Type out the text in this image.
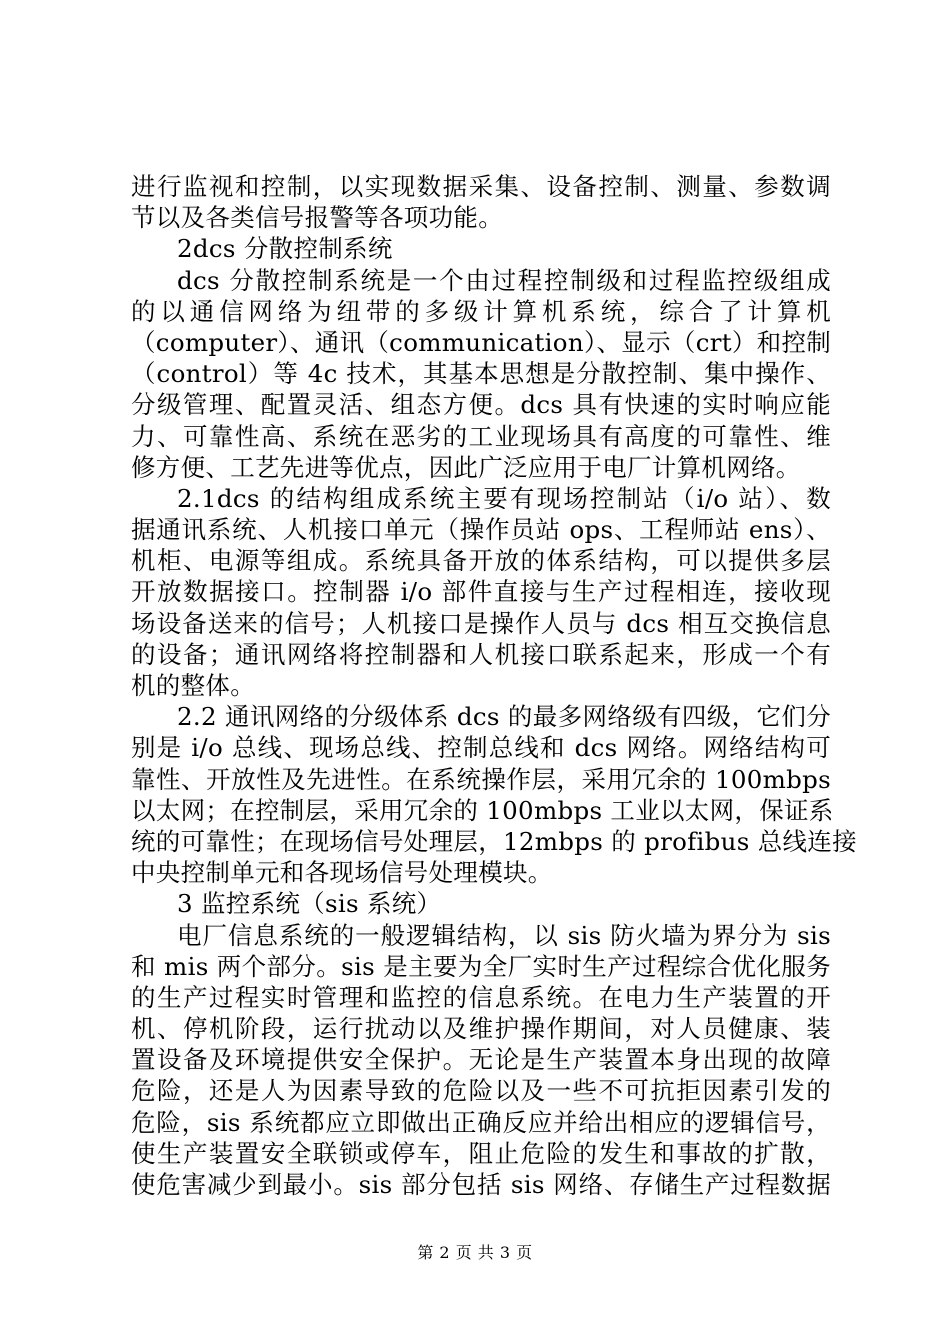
进行监视和控制，以实现数据采集、设备控制、测量、参数调
节以及各类信号报警等各项功能。
2dcs 分散控制系统
dcs 分散控制系统是一个由过程控制级和过程监控级组成
的以通信网络为纽带的多级计算机系统，综合了计算机
（computer）、通讯（communication）、显示（crt）和控制
（control）等 4c 技术，其基本思想是分散控制、集中操作、
分级管理、配置灵活、组态方便。dcs 具有快速的实时响应能
力、可靠性高、系统在恶劣的工业现场具有高度的可靠性、维
修方便、工艺先进等优点，因此广泛应用于电厂计算机网络。
2.1dcs 的结构组成系统主要有现场控制站（i/o 站）、数
据通讯系统、人机接口单元（操作员站 ops、工程师站 ens）、
机柜、电源等组成。系统具备开放的体系结构，可以提供多层
开放数据接口。控制器 i/o 部件直接与生产过程相连，接收现
场设备送来的信号；人机接口是操作人员与 dcs 相互交换信息
的设备；通讯网络将控制器和人机接口联系起来，形成一个有
机的整体。
2.2 通讯网络的分级体系 dcs 的最多网络级有四级，它们分
别是 i/o 总线、现场总线、控制总线和 dcs 网络。网络结构可
靠性、开放性及先进性。在系统操作层，采用冗余的 100mbps
以太网；在控制层，采用冗余的 100mbps 工业以太网，保证系
统的可靠性；在现场信号处理层，12mbps 的 profibus 总线连接
中央控制单元和各现场信号处理模块。
3 监控系统（sis 系统）
电厂信息系统的一般逻辑结构，以 sis 防火墙为界分为 sis
和 mis 两个部分。sis 是主要为全厂实时生产过程综合优化服务
的生产过程实时管理和监控的信息系统。在电力生产装置的开
机、停机阶段，运行扰动以及维护操作期间，对人员健康、装
置设备及环境提供安全保护。无论是生产装置本身出现的故障
危险，还是人为因素导致的危险以及一些不可抗拒因素引发的
危险，sis 系统都应立即做出正确反应并给出相应的逻辑信号，
使生产装置安全联锁或停车，阻止危险的发生和事故的扩散，
使危害减少到最小。sis 部分包括 sis 网络、存储生产过程数据
第 2 页 共 3 页
